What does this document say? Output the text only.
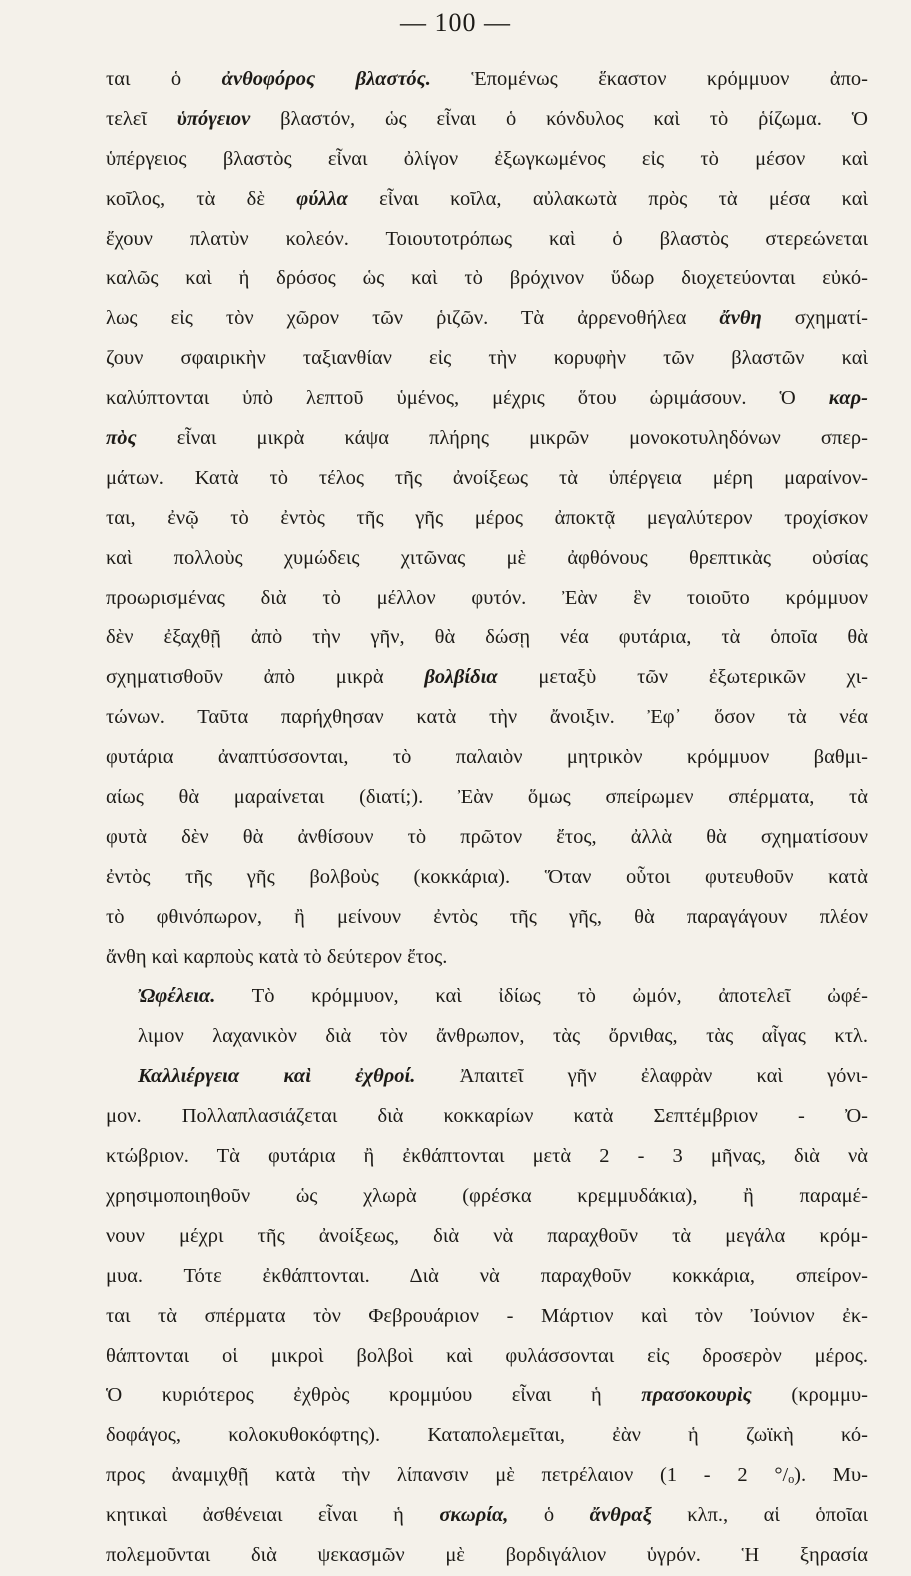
— 100 —
ται ὁ ἀνθοφόρος βλαστός. Ἑπομένως ἕκαστον κρόμμυον ἀπο-
τελεῖ ὑπόγειον βλαστόν, ὡς εἶναι ὁ κόνδυλος καὶ τὸ ῥίζωμα. Ὁ
ὑπέργειος βλαστὸς εἶναι ὀλίγον ἐξωγκωμένος εἰς τὸ μέσον καὶ
κοῖλος, τὰ δὲ φύλλα εἶναι κοῖλα, αὐλακωτὰ πρὸς τὰ μέσα καὶ
ἔχουν πλατὺν κολεόν. Τοιουτοτρόπως καὶ ὁ βλαστὸς στερεώνεται
καλῶς καὶ ἡ δρόσος ὡς καὶ τὸ βρόχινον ὕδωρ διοχετεύονται εὐκό-
λως εἰς τὸν χῶρον τῶν ῥιζῶν. Τὰ ἀρρενοθήλεα ἄνθη σχηματί-
ζουν σφαιρικὴν ταξιανθίαν εἰς τὴν κορυφὴν τῶν βλαστῶν καὶ
καλύπτονται ὑπὸ λεπτοῦ ὑμένος, μέχρις ὅτου ὡριμάσουν. Ὁ καρ-
πὸς εἶναι μικρὰ κάψα πλήρης μικρῶν μονοκοτυληδόνων σπερ-
μάτων. Κατὰ τὸ τέλος τῆς ἀνοίξεως τὰ ὑπέργεια μέρη μαραίνον-
ται, ἐνῷ τὸ ἐντὸς τῆς γῆς μέρος ἀποκτᾷ μεγαλύτερον τροχίσκον
καὶ πολλοὺς χυμώδεις χιτῶνας μὲ ἀφθόνους θρεπτικὰς οὐσίας
προωρισμένας διὰ τὸ μέλλον φυτόν. Ἐὰν ἓν τοιοῦτο κρόμμυον
δὲν ἐξαχθῇ ἀπὸ τὴν γῆν, θὰ δώσῃ νέα φυτάρια, τὰ ὁποῖα θὰ
σχηματισθοῦν ἀπὸ μικρὰ βολβίδια μεταξὺ τῶν ἐξωτερικῶν χι-
τώνων. Ταῦτα παρήχθησαν κατὰ τὴν ἄνοιξιν. Ἐφ᾽ ὅσον τὰ νέα
φυτάρια ἀναπτύσσονται, τὸ παλαιὸν μητρικὸν κρόμμυον βαθμι-
αίως θὰ μαραίνεται (διατί;). Ἐὰν ὅμως σπείρωμεν σπέρματα, τὰ
φυτὰ δὲν θὰ ἀνθίσουν τὸ πρῶτον ἔτος, ἀλλὰ θὰ σχηματίσουν
ἐντὸς τῆς γῆς βολβοὺς (κοκκάρια). Ὅταν οὗτοι φυτευθοῦν κατὰ
τὸ φθινόπωρον, ἢ μείνουν ἐντὸς τῆς γῆς, θὰ παραγάγουν πλέον
ἄνθη καὶ καρποὺς κατὰ τὸ δεύτερον ἔτος.
Ὠφέλεια. Τὸ κρόμμυον, καὶ ἰδίως τὸ ὠμόν, ἀποτελεῖ ὠφέ-
λιμον λαχανικὸν διὰ τὸν ἄνθρωπον, τὰς ὄρνιθας, τὰς αἶγας κτλ.
Καλλιέργεια καὶ ἐχθροί. Ἀπαιτεῖ γῆν ἐλαφρὰν καὶ γόνι-
μον. Πολλαπλασιάζεται διὰ κοκκαρίων κατὰ Σεπτέμβριον - Ὀ-
κτώβριον. Τὰ φυτάρια ἢ ἐκθάπτονται μετὰ 2 - 3 μῆνας, διὰ νὰ
χρησιμοποιηθοῦν ὡς χλωρὰ (φρέσκα κρεμμυδάκια), ἢ παραμέ-
νουν μέχρι τῆς ἀνοίξεως, διὰ νὰ παραχθοῦν τὰ μεγάλα κρόμ-
μυα. Τότε ἐκθάπτονται. Διὰ νὰ παραχθοῦν κοκκάρια, σπείρον-
ται τὰ σπέρματα τὸν Φεβρουάριον - Μάρτιον καὶ τὸν Ἰούνιον ἐκ-
θάπτονται οἱ μικροὶ βολβοὶ καὶ φυλάσσονται εἰς δροσερὸν μέρος.
Ὁ κυριότερος ἐχθρὸς κρομμύου εἶναι ἡ πρασοκουρὶς (κρομμυ-
δοφάγος, κολοκυθοκόφτης). Καταπολεμεῖται, ἐὰν ἡ ζωϊκὴ κό-
προς ἀναμιχθῇ κατὰ τὴν λίπανσιν μὲ πετρέλαιον (1 - 2 °/ₒ). Μυ-
κητικαὶ ἀσθένειαι εἶναι ἡ σκωρία, ὁ ἄνθραξ κλπ., αἱ ὁποῖαι
πολεμοῦνται διὰ ψεκασμῶν μὲ βορδιγάλιον ὑγρόν. Ἡ ξηρασία
